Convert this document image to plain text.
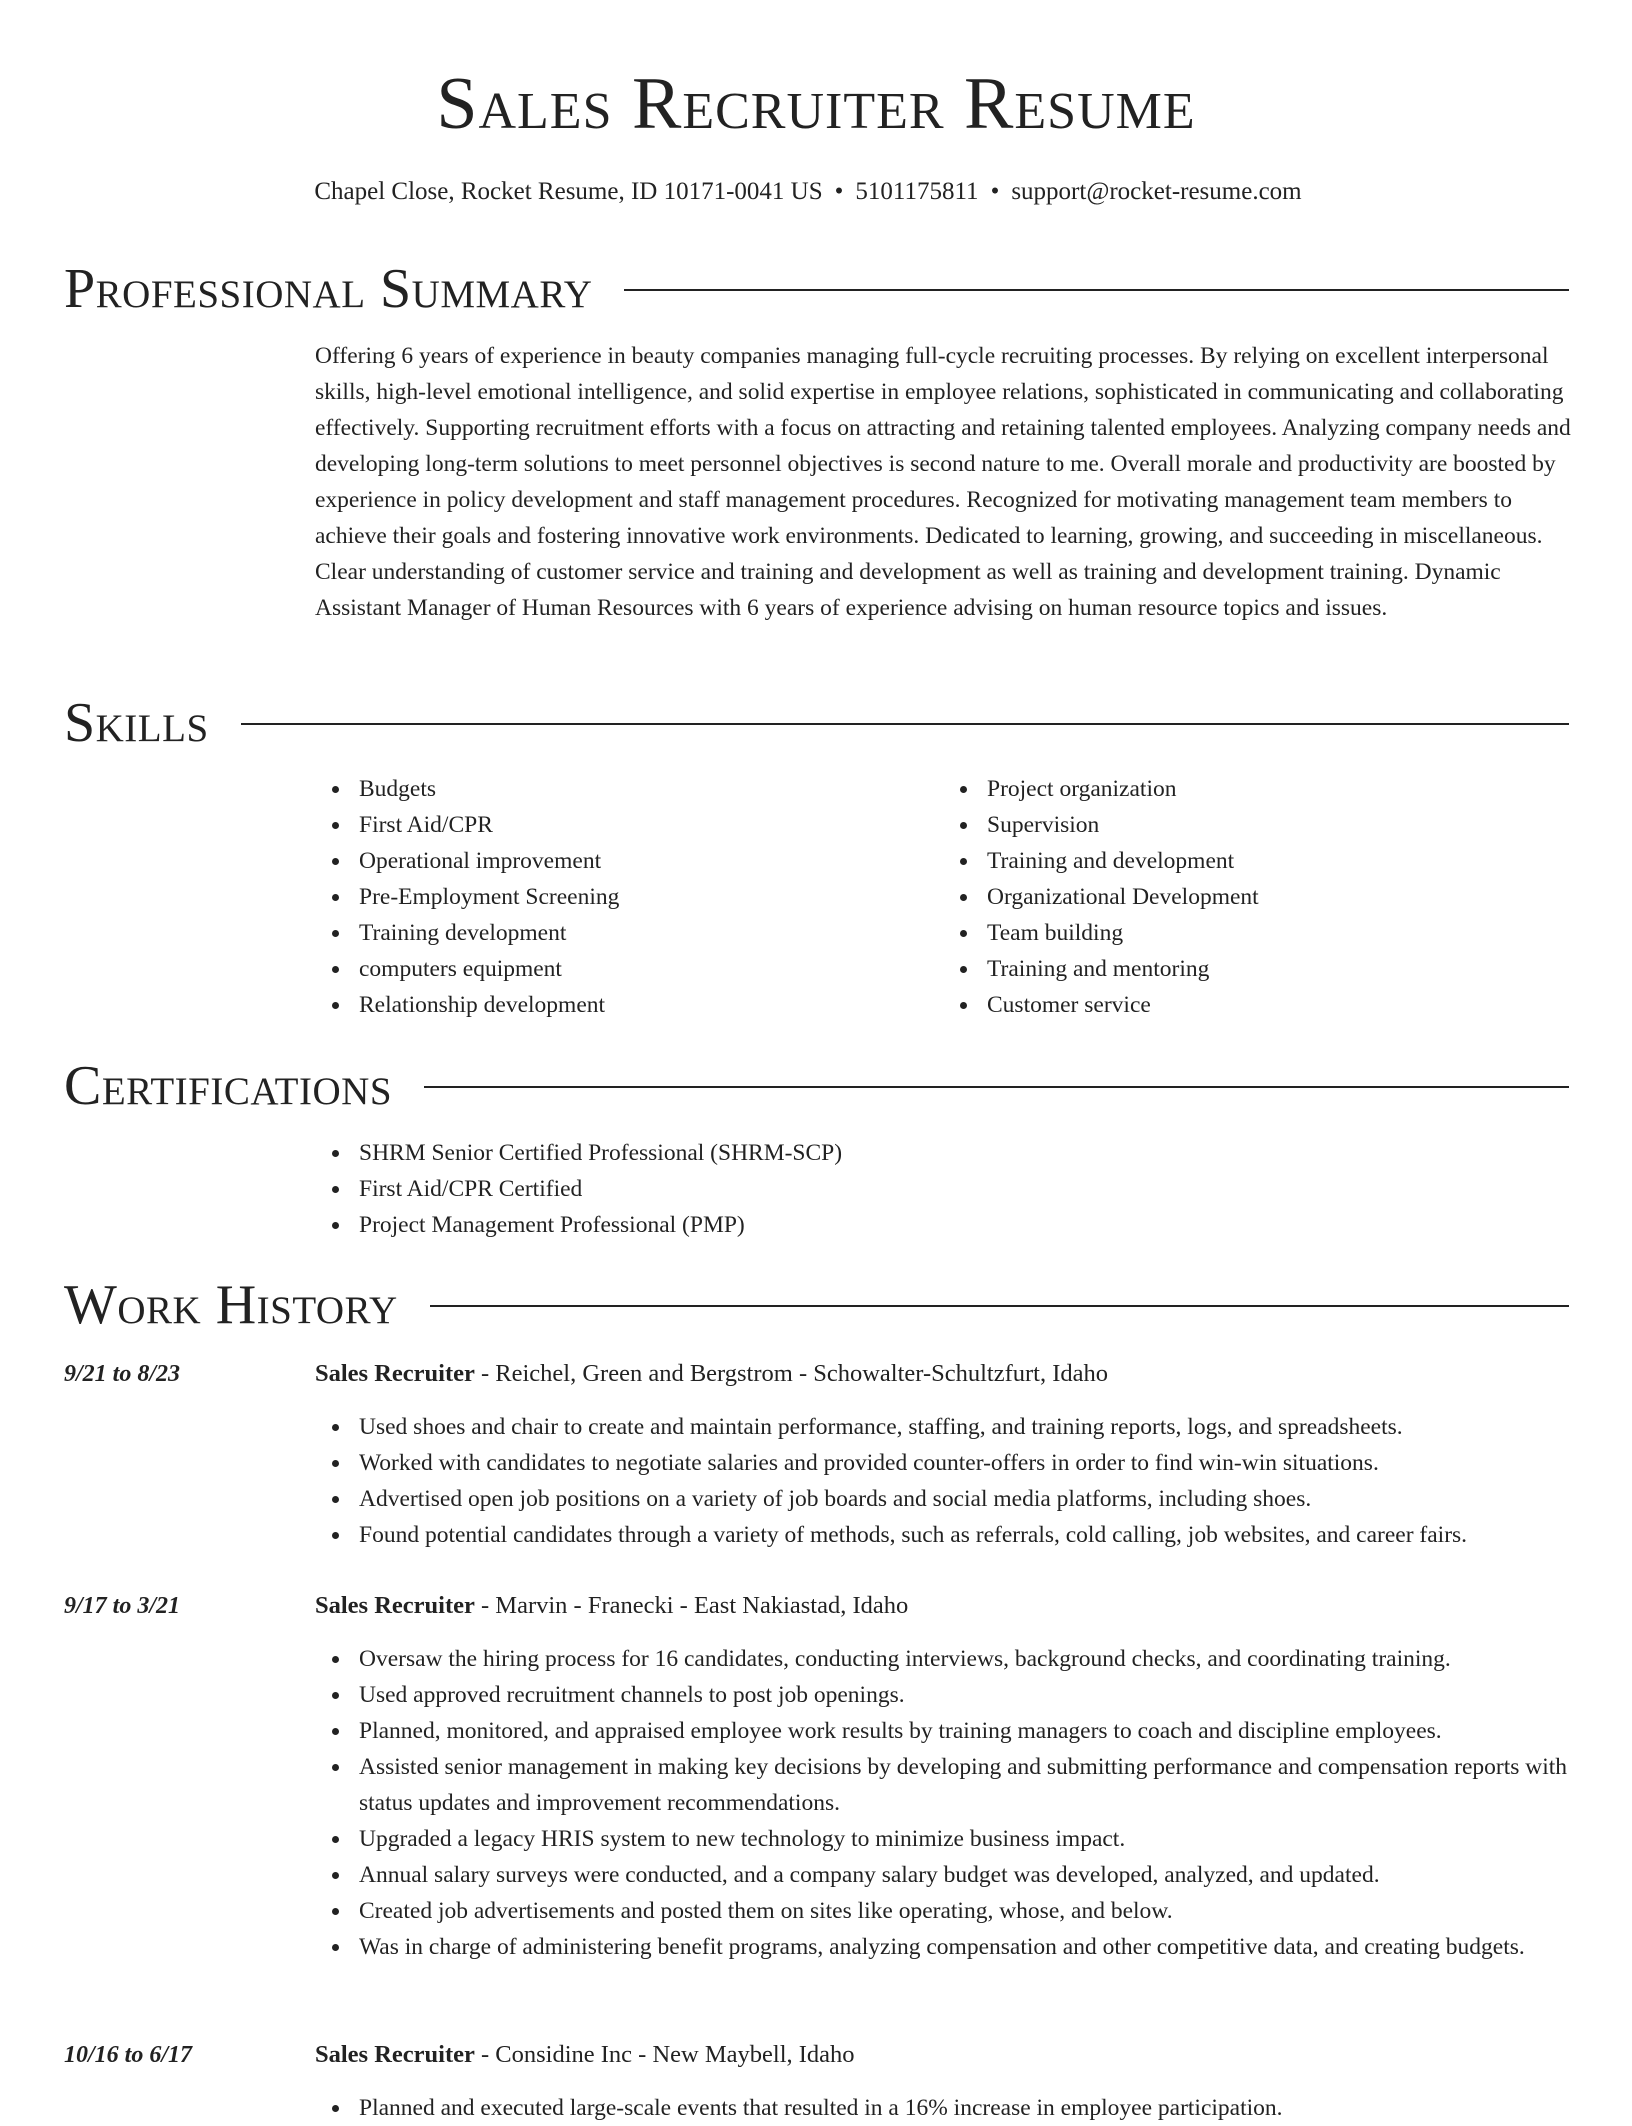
Sales Recruiter Resume
Chapel Close, Rocket Resume, ID 10171-0041 US • 5101175811 • support@rocket-resume.com
Professional Summary

Offering 6 years of experience in beauty companies managing full-cycle recruiting processes. By relying on excellent interpersonal skills, high-level emotional intelligence, and solid expertise in employee relations, sophisticated in communicating and collaborating effectively. Supporting recruitment efforts with a focus on attracting and retaining talented employees. Analyzing company needs and developing long-term solutions to meet personnel objectives is second nature to me. Overall morale and productivity are boosted by experience in policy development and staff management procedures. Recognized for motivating management team members to achieve their goals and fostering innovative work environments. Dedicated to learning, growing, and succeeding in miscellaneous. Clear understanding of customer service and training and development as well as training and development training. Dynamic Assistant Manager of Human Resources with 6 years of experience advising on human resource topics and issues.

Skills
Budgets
First Aid/CPR
Operational improvement
Pre-Employment Screening
Training development
computers equipment
Relationship development
Project organization
Supervision
Training and development
Organizational Development
Team building
Training and mentoring
Customer service
Certifications
SHRM Senior Certified Professional (SHRM-SCP)
First Aid/CPR Certified
Project Management Professional (PMP)
Work History
9/21 to 8/23	Sales Recruiter - Reichel, Green and Bergstrom - Schowalter-Schultzfurt, Idaho
Used shoes and chair to create and maintain performance, staffing, and training reports, logs, and spreadsheets.
Worked with candidates to negotiate salaries and provided counter-offers in order to find win-win situations.
Advertised open job positions on a variety of job boards and social media platforms, including shoes.
Found potential candidates through a variety of methods, such as referrals, cold calling, job websites, and career fairs.
9/17 to 3/21	Sales Recruiter - Marvin - Franecki - East Nakiastad, Idaho
Oversaw the hiring process for 16 candidates, conducting interviews, background checks, and coordinating training.
Used approved recruitment channels to post job openings.
Planned, monitored, and appraised employee work results by training managers to coach and discipline employees.
Assisted senior management in making key decisions by developing and submitting performance and compensation reports with status updates and improvement recommendations.
Upgraded a legacy HRIS system to new technology to minimize business impact.
Annual salary surveys were conducted, and a company salary budget was developed, analyzed, and updated.
Created job advertisements and posted them on sites like operating, whose, and below.
Was in charge of administering benefit programs, analyzing compensation and other competitive data, and creating budgets.
10/16 to 6/17	Sales Recruiter - Considine Inc - New Maybell, Idaho
Planned and executed large-scale events that resulted in a 16% increase in employee participation.
